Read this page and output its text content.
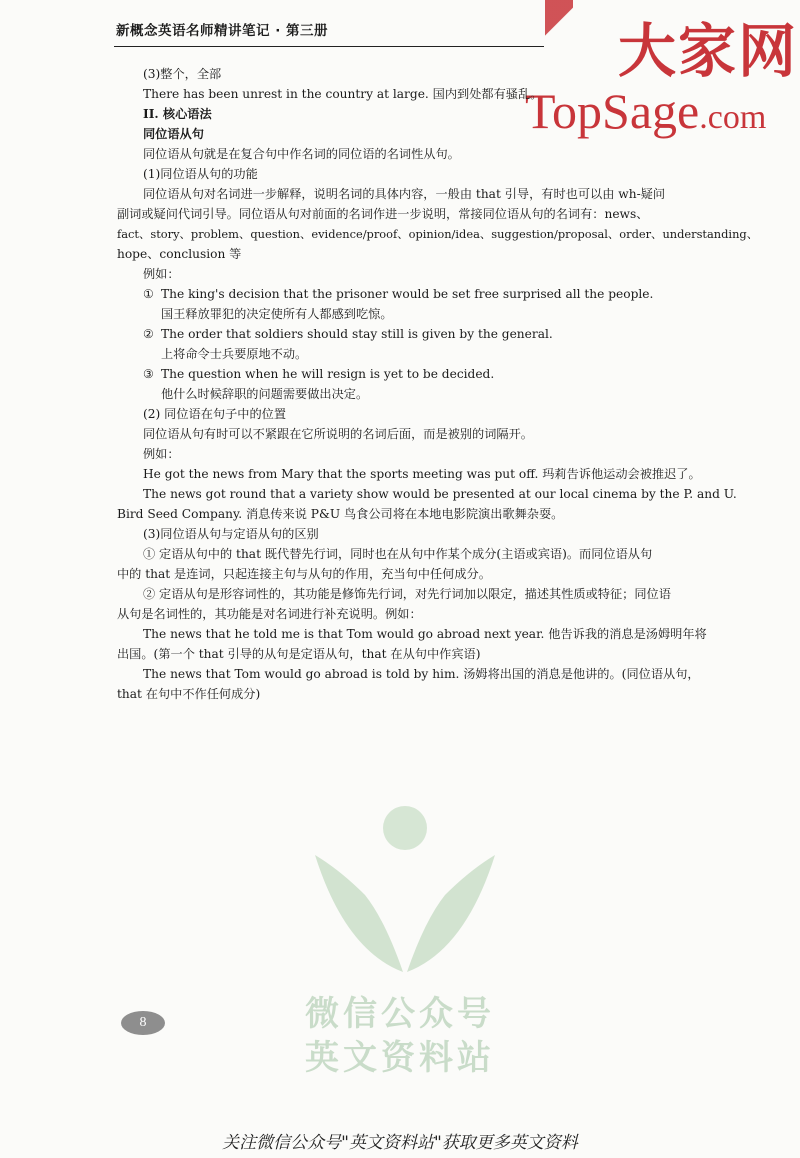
新概念英语名师精讲笔记 · 第三册	大家网
TopSage.com
(3)整个，全部
There has been unrest in the country at large. 国内到处都有骚乱。
II. 核心语法
同位语从句
同位语从句就是在复合句中作名词的同位语的名词性从句。
(1)同位语从句的功能
同位语从句对名词进一步解释，说明名词的具体内容，一般由 that 引导，有时也可以由 wh-疑问
副词或疑问代词引导。同位语从句对前面的名词作进一步说明，常接同位语从句的名词有：news、
fact、story、problem、question、evidence/proof、opinion/idea、suggestion/proposal、order、understanding、
hope、conclusion 等
例如：
① The king's decision that the prisoner would be set free surprised all the people.
国王释放罪犯的决定使所有人都感到吃惊。
② The order that soldiers should stay still is given by the general.
上将命令士兵要原地不动。
③ The question when he will resign is yet to be decided.
他什么时候辞职的问题需要做出决定。
(2) 同位语在句子中的位置
同位语从句有时可以不紧跟在它所说明的名词后面，而是被别的词隔开。
例如：
He got the news from Mary that the sports meeting was put off. 玛莉告诉他运动会被推迟了。
The news got round that a variety show would be presented at our local cinema by the P. and U.
Bird Seed Company. 消息传来说 P&U 鸟食公司将在本地电影院演出歌舞杂耍。
(3)同位语从句与定语从句的区别
① 定语从句中的 that 既代替先行词，同时也在从句中作某个成分(主语或宾语)。而同位语从句
中的 that 是连词，只起连接主句与从句的作用，充当句中任何成分。
② 定语从句是形容词性的，其功能是修饰先行词，对先行词加以限定，描述其性质或特征；同位语
从句是名词性的，其功能是对名词进行补充说明。例如：
The news that he told me is that Tom would go abroad next year. 他告诉我的消息是汤姆明年将
出国。(第一个 that 引导的从句是定语从句，that 在从句中作宾语)
The news that Tom would go abroad is told by him. 汤姆将出国的消息是他讲的。(同位语从句，
that 在句中不作任何成分)
微信公众号
英文资料站
8
关注微信公众号"英文资料站"获取更多英文资料
